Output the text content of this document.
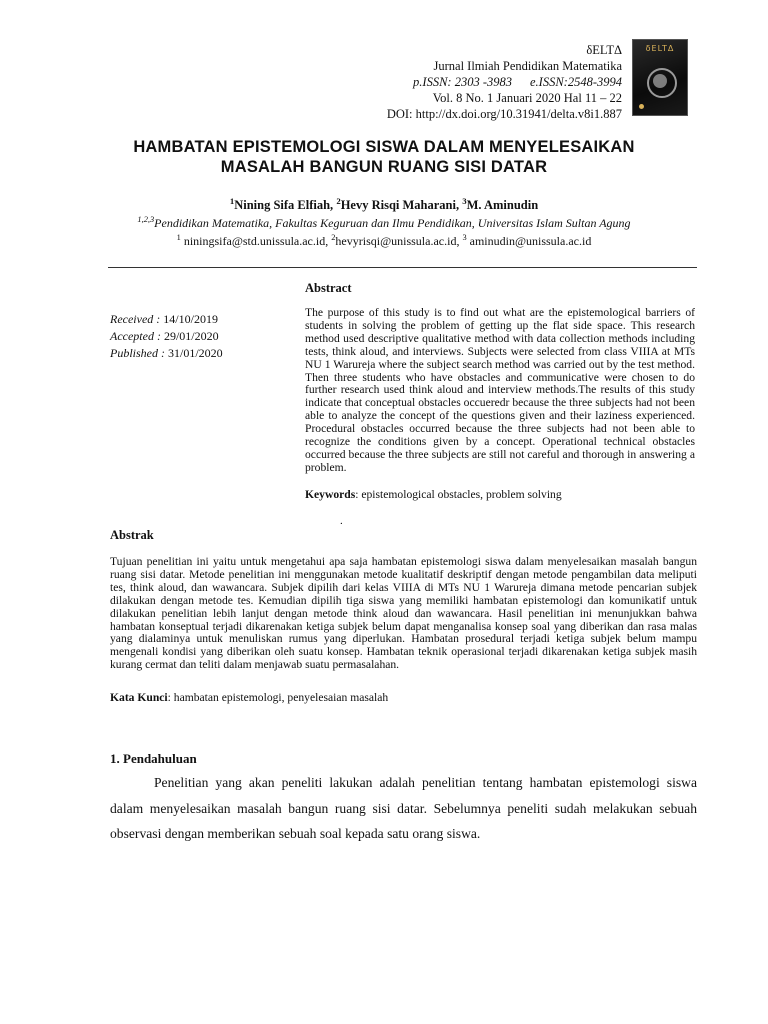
δELTΔ
Jurnal Ilmiah Pendidikan Matematika
p.ISSN: 2303 -3983 e.ISSN:2548-3994
Vol. 8 No. 1 Januari 2020 Hal 11 – 22
DOI: http://dx.doi.org/10.31941/delta.v8i1.887
δELTΔ
HAMBATAN EPISTEMOLOGI SISWA DALAM MENYELESAIKAN
MASALAH BANGUN RUANG SISI DATAR
$^1$Nining Sifa Elfiah, $^2$Hevy Risqi Maharani, $^3$M. Aminudin
$^{1,2,3}$Pendidikan Matematika, Fakultas Keguruan dan Ilmu Pendidikan, Universitas Islam Sultan Agung
$^1$ niningsifa@std.unissula.ac.id, $^2$hevyrisqi@unissula.ac.id, $^3$ aminudin@unissula.ac.id
Received : 14/10/2019
Accepted : 29/01/2020
Published : 31/01/2020
Abstract
The purpose of this study is to find out what are the epistemological barriers of students in solving the problem of getting up the flat side space. This research method used descriptive qualitative method with data collection methods including tests, think aloud, and interviews. Subjects were selected from class VIIIA at MTs NU 1 Warureja where the subject search method was carried out by the test method. Then three students who have obstacles and communicative were chosen to do further research used think aloud and interview methods.The results of this study indicate that conceptual obstacles occueredr because the three subjects had not been able to analyze the concept of the questions given and their laziness experienced. Procedural obstacles occurred because the three subjects had not been able to recognize the conditions given by a concept. Operational technical obstacles occurred because the three subjects are still not careful and thorough in answering a problem.
Keywords: epistemological obstacles, problem solving
.
Abstrak
Tujuan penelitian ini yaitu untuk mengetahui apa saja hambatan epistemologi siswa dalam menyelesaikan masalah bangun ruang sisi datar. Metode penelitian ini menggunakan metode kualitatif deskriptif dengan metode pengambilan data meliputi tes, think aloud, dan wawancara. Subjek dipilih dari kelas VIIIA di MTs NU 1 Warureja dimana metode pencarian subjek dilakukan dengan metode tes. Kemudian dipilih tiga siswa yang memiliki hambatan epistemologi dan komunikatif untuk dilakukan penelitian lebih lanjut dengan metode think aloud dan wawancara. Hasil penelitian ini menunjukkan bahwa hambatan konseptual terjadi dikarenakan ketiga subjek belum dapat menganalisa konsep soal yang diberikan dan rasa malas yang dialaminya untuk menuliskan rumus yang diperlukan. Hambatan prosedural terjadi ketiga subjek belum mampu mengenali kondisi yang diberikan oleh suatu konsep. Hambatan teknik operasional terjadi dikarenakan ketiga subjek masih kurang cermat dan teliti dalam menjawab suatu permasalahan.
Kata Kunci: hambatan epistemologi, penyelesaian masalah
1. Pendahuluan
Penelitian yang akan peneliti lakukan adalah penelitian tentang hambatan epistemologi siswa dalam menyelesaikan masalah bangun ruang sisi datar. Sebelumnya peneliti sudah melakukan sebuah observasi dengan memberikan sebuah soal kepada satu orang siswa.
